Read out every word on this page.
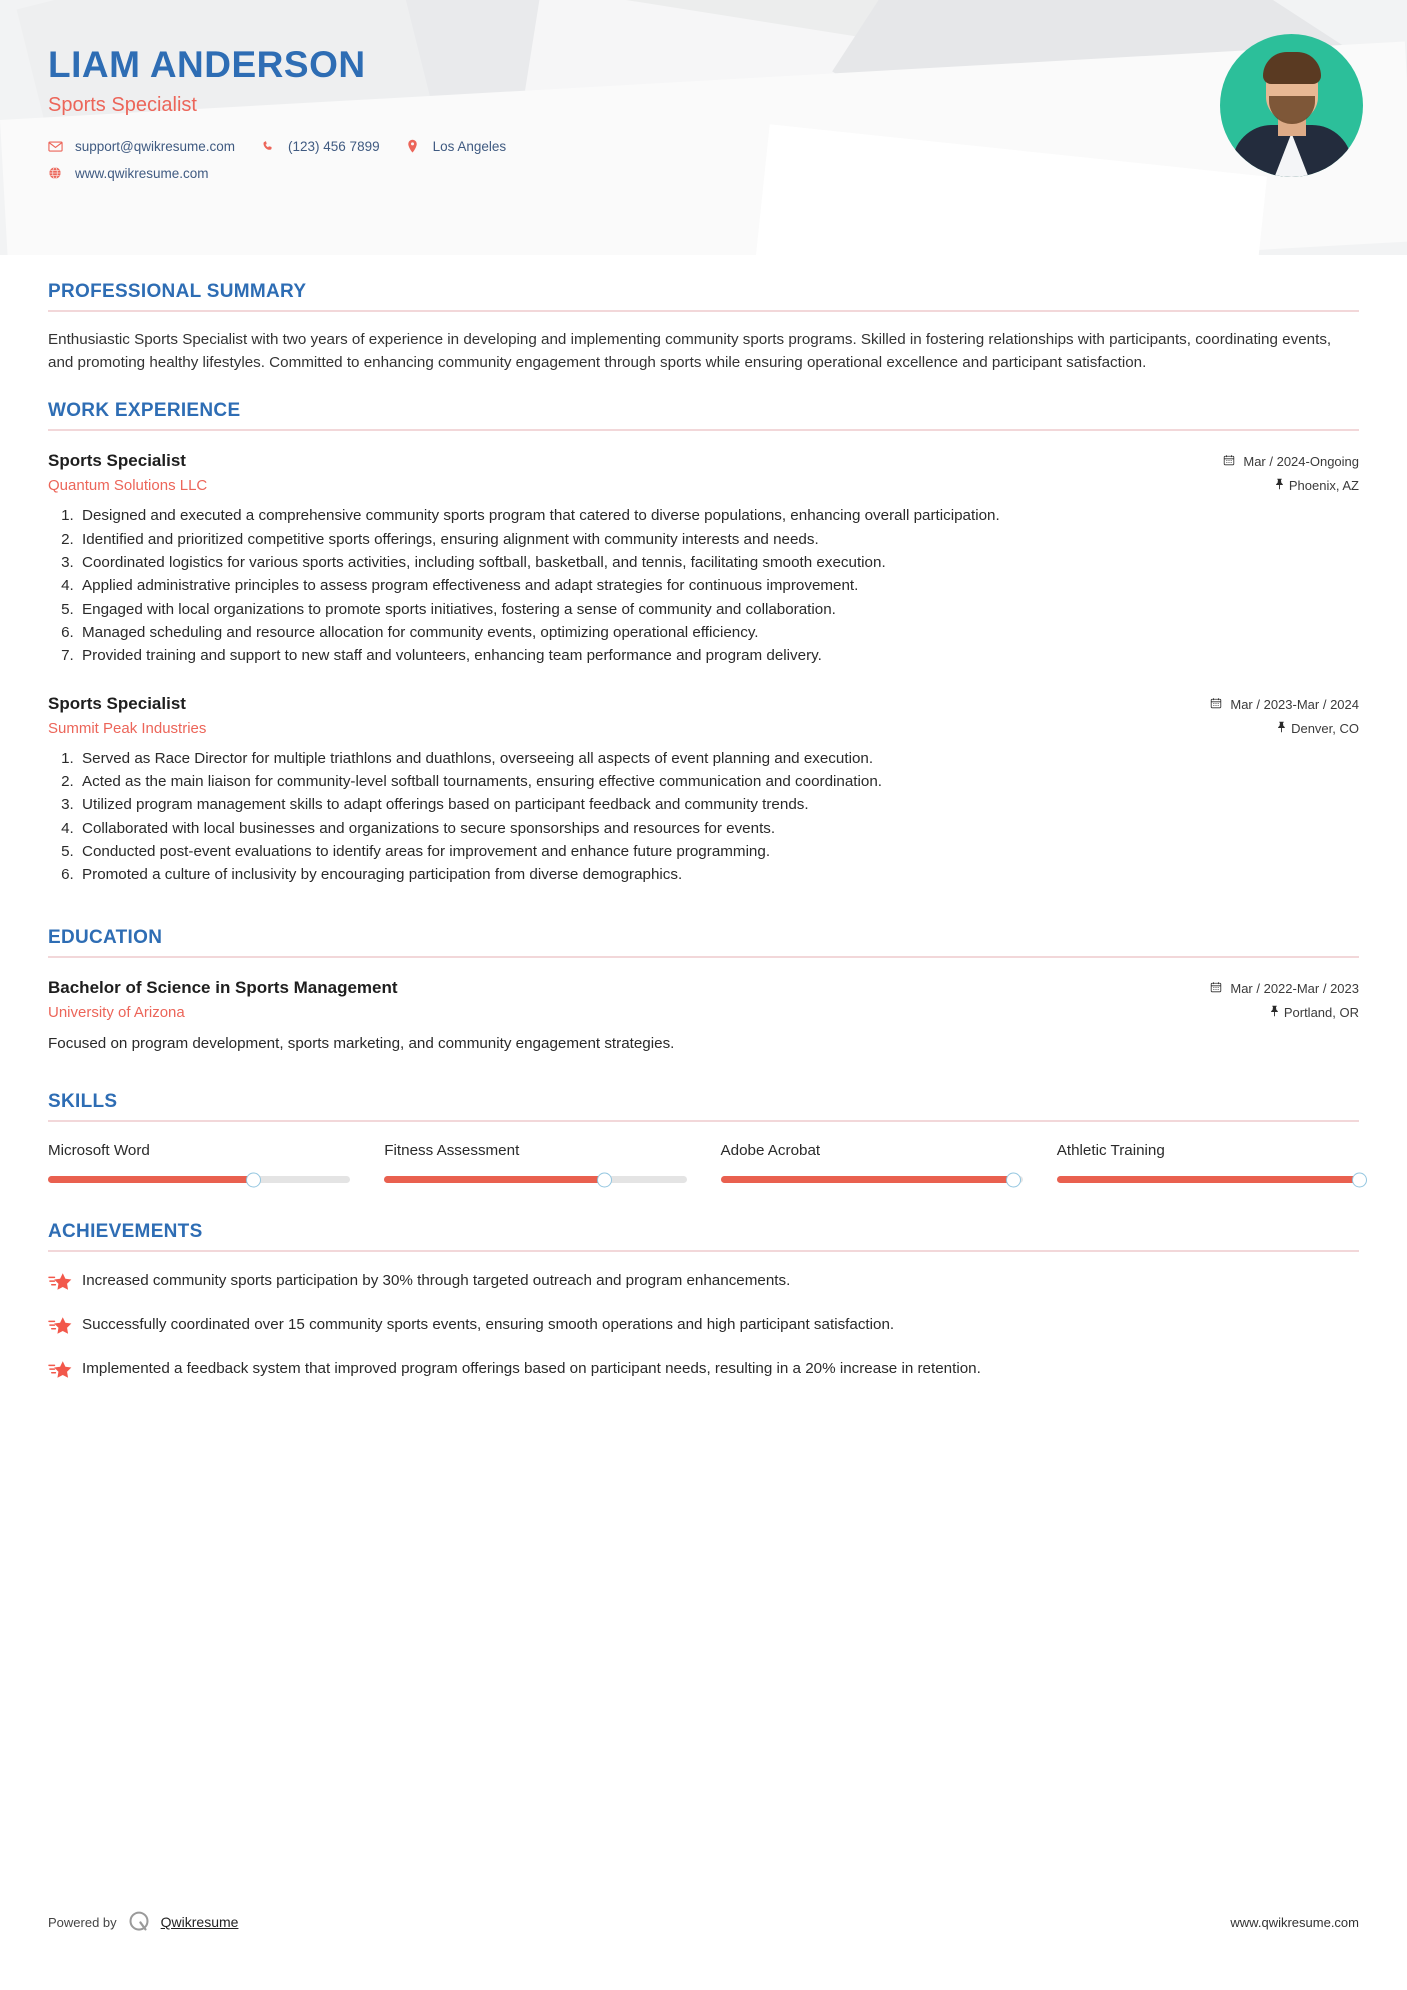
LIAM ANDERSON
Sports Specialist
support@qwikresume.com	(123) 456 7899	Los Angeles
www.qwikresume.com
PROFESSIONAL SUMMARY
Enthusiastic Sports Specialist with two years of experience in developing and implementing community sports programs. Skilled in fostering relationships with participants, coordinating events, and promoting healthy lifestyles. Committed to enhancing community engagement through sports while ensuring operational excellence and participant satisfaction.
WORK EXPERIENCE
Sports Specialist	Mar / 2024-Ongoing
Quantum Solutions LLC	Phoenix, AZ
1. Designed and executed a comprehensive community sports program that catered to diverse populations, enhancing overall participation.
2. Identified and prioritized competitive sports offerings, ensuring alignment with community interests and needs.
3. Coordinated logistics for various sports activities, including softball, basketball, and tennis, facilitating smooth execution.
4. Applied administrative principles to assess program effectiveness and adapt strategies for continuous improvement.
5. Engaged with local organizations to promote sports initiatives, fostering a sense of community and collaboration.
6. Managed scheduling and resource allocation for community events, optimizing operational efficiency.
7. Provided training and support to new staff and volunteers, enhancing team performance and program delivery.
Sports Specialist	Mar / 2023-Mar / 2024
Summit Peak Industries	Denver, CO
1. Served as Race Director for multiple triathlons and duathlons, overseeing all aspects of event planning and execution.
2. Acted as the main liaison for community-level softball tournaments, ensuring effective communication and coordination.
3. Utilized program management skills to adapt offerings based on participant feedback and community trends.
4. Collaborated with local businesses and organizations to secure sponsorships and resources for events.
5. Conducted post-event evaluations to identify areas for improvement and enhance future programming.
6. Promoted a culture of inclusivity by encouraging participation from diverse demographics.
EDUCATION
Bachelor of Science in Sports Management	Mar / 2022-Mar / 2023
University of Arizona	Portland, OR
Focused on program development, sports marketing, and community engagement strategies.
SKILLS
Microsoft Word	Fitness Assessment	Adobe Acrobat	Athletic Training
ACHIEVEMENTS
Increased community sports participation by 30% through targeted outreach and program enhancements.
Successfully coordinated over 15 community sports events, ensuring smooth operations and high participant satisfaction.
Implemented a feedback system that improved program offerings based on participant needs, resulting in a 20% increase in retention.
Powered by	Qwikresume	www.qwikresume.com
